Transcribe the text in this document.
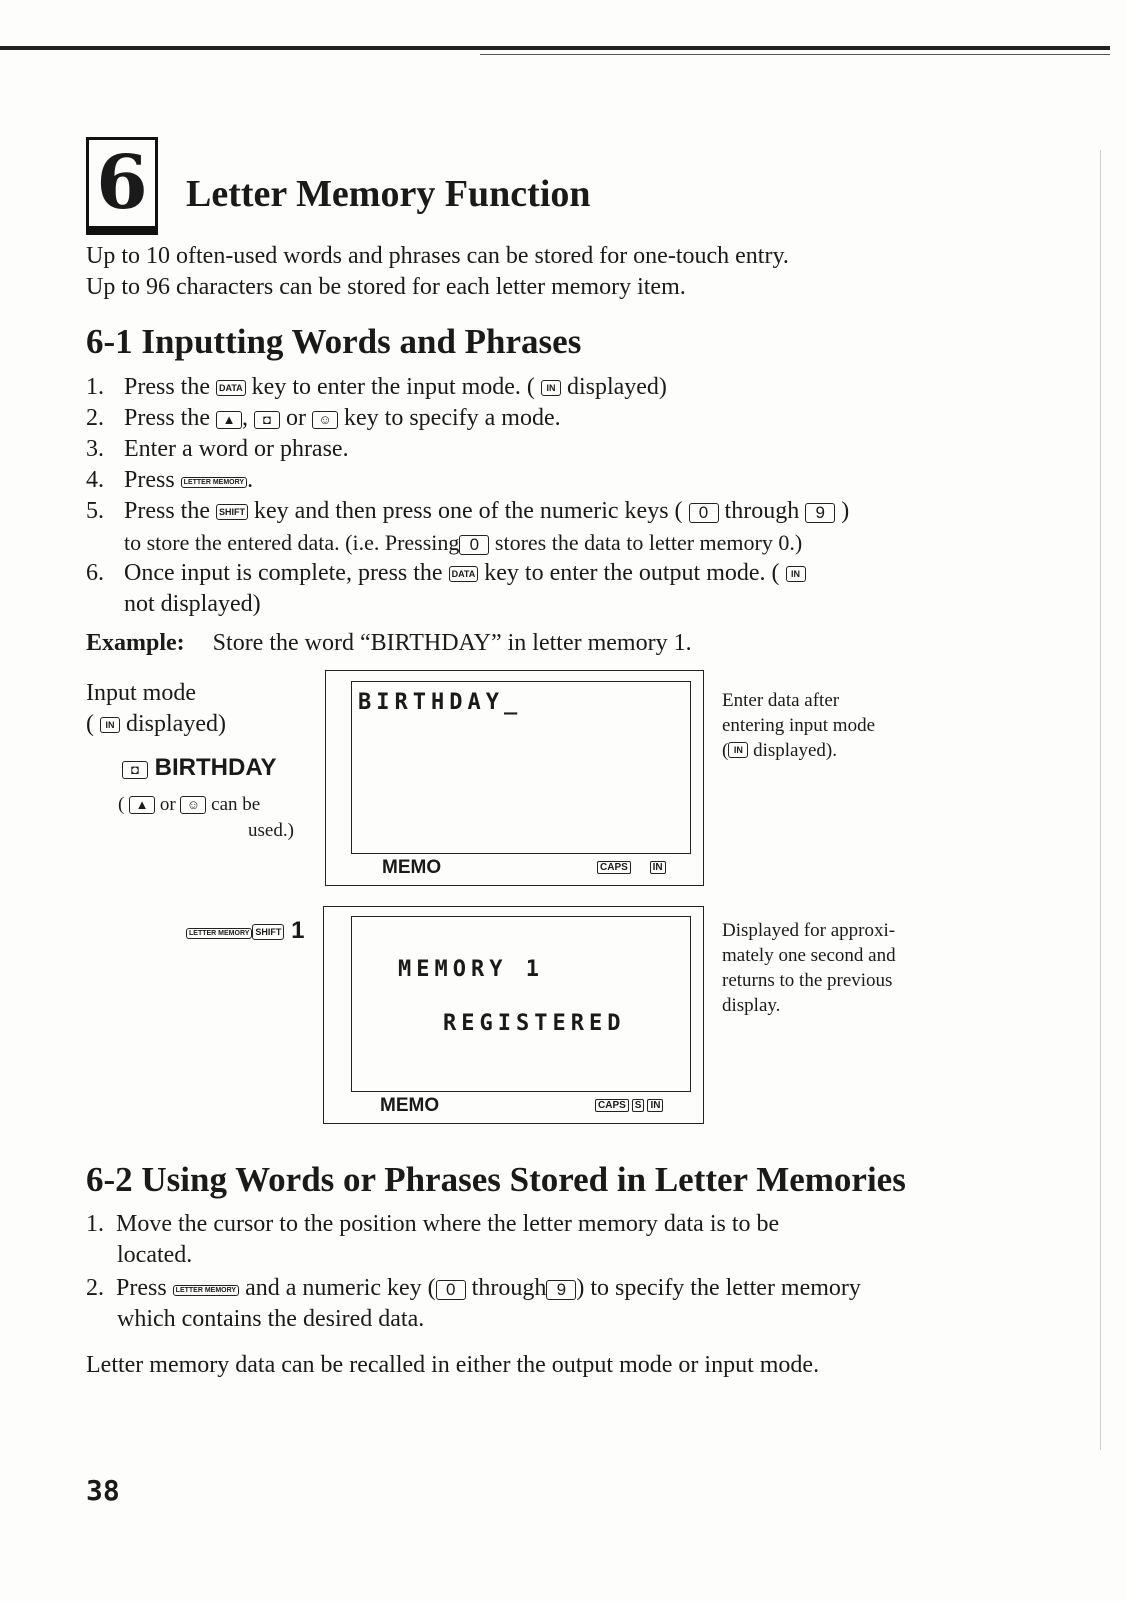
6 Letter Memory Function
Up to 10 often-used words and phrases can be stored for one-touch entry.
Up to 96 characters can be stored for each letter memory item.
6-1 Inputting Words and Phrases
1. Press the DATA key to enter the input mode. ( IN displayed)
2. Press the ▲ , ◘ or ☺ key to specify a mode.
3. Enter a word or phrase.
4. Press LETTER MEMORY .
5. Press the SHIFT key and then press one of the numeric keys ( 0 through 9 )
to store the entered data. (i.e. Pressing 0 stores the data to letter memory 0.)
6. Once input is complete, press the DATA key to enter the output mode. ( IN
not displayed)
Example: Store the word “BIRTHDAY” in letter memory 1.
Input mode
( IN displayed)
◘ BIRTHDAY
( ▲ or ☺ can be
used.)
BIRTHDAY_
MEMO	CAPS IN
Enter data after
entering input mode
( IN displayed).
LETTER MEMORY SHIFT 1
MEMORY 1
REGISTERED
MEMO	CAPS S IN
Displayed for approxi-
mately one second and
returns to the previous
display.
6-2 Using Words or Phrases Stored in Letter Memories
1. Move the cursor to the position where the letter memory data is to be
located.
2. Press LETTER MEMORY and a numeric key ( 0 through 9 ) to specify the letter memory
which contains the desired data.
Letter memory data can be recalled in either the output mode or input mode.
38
